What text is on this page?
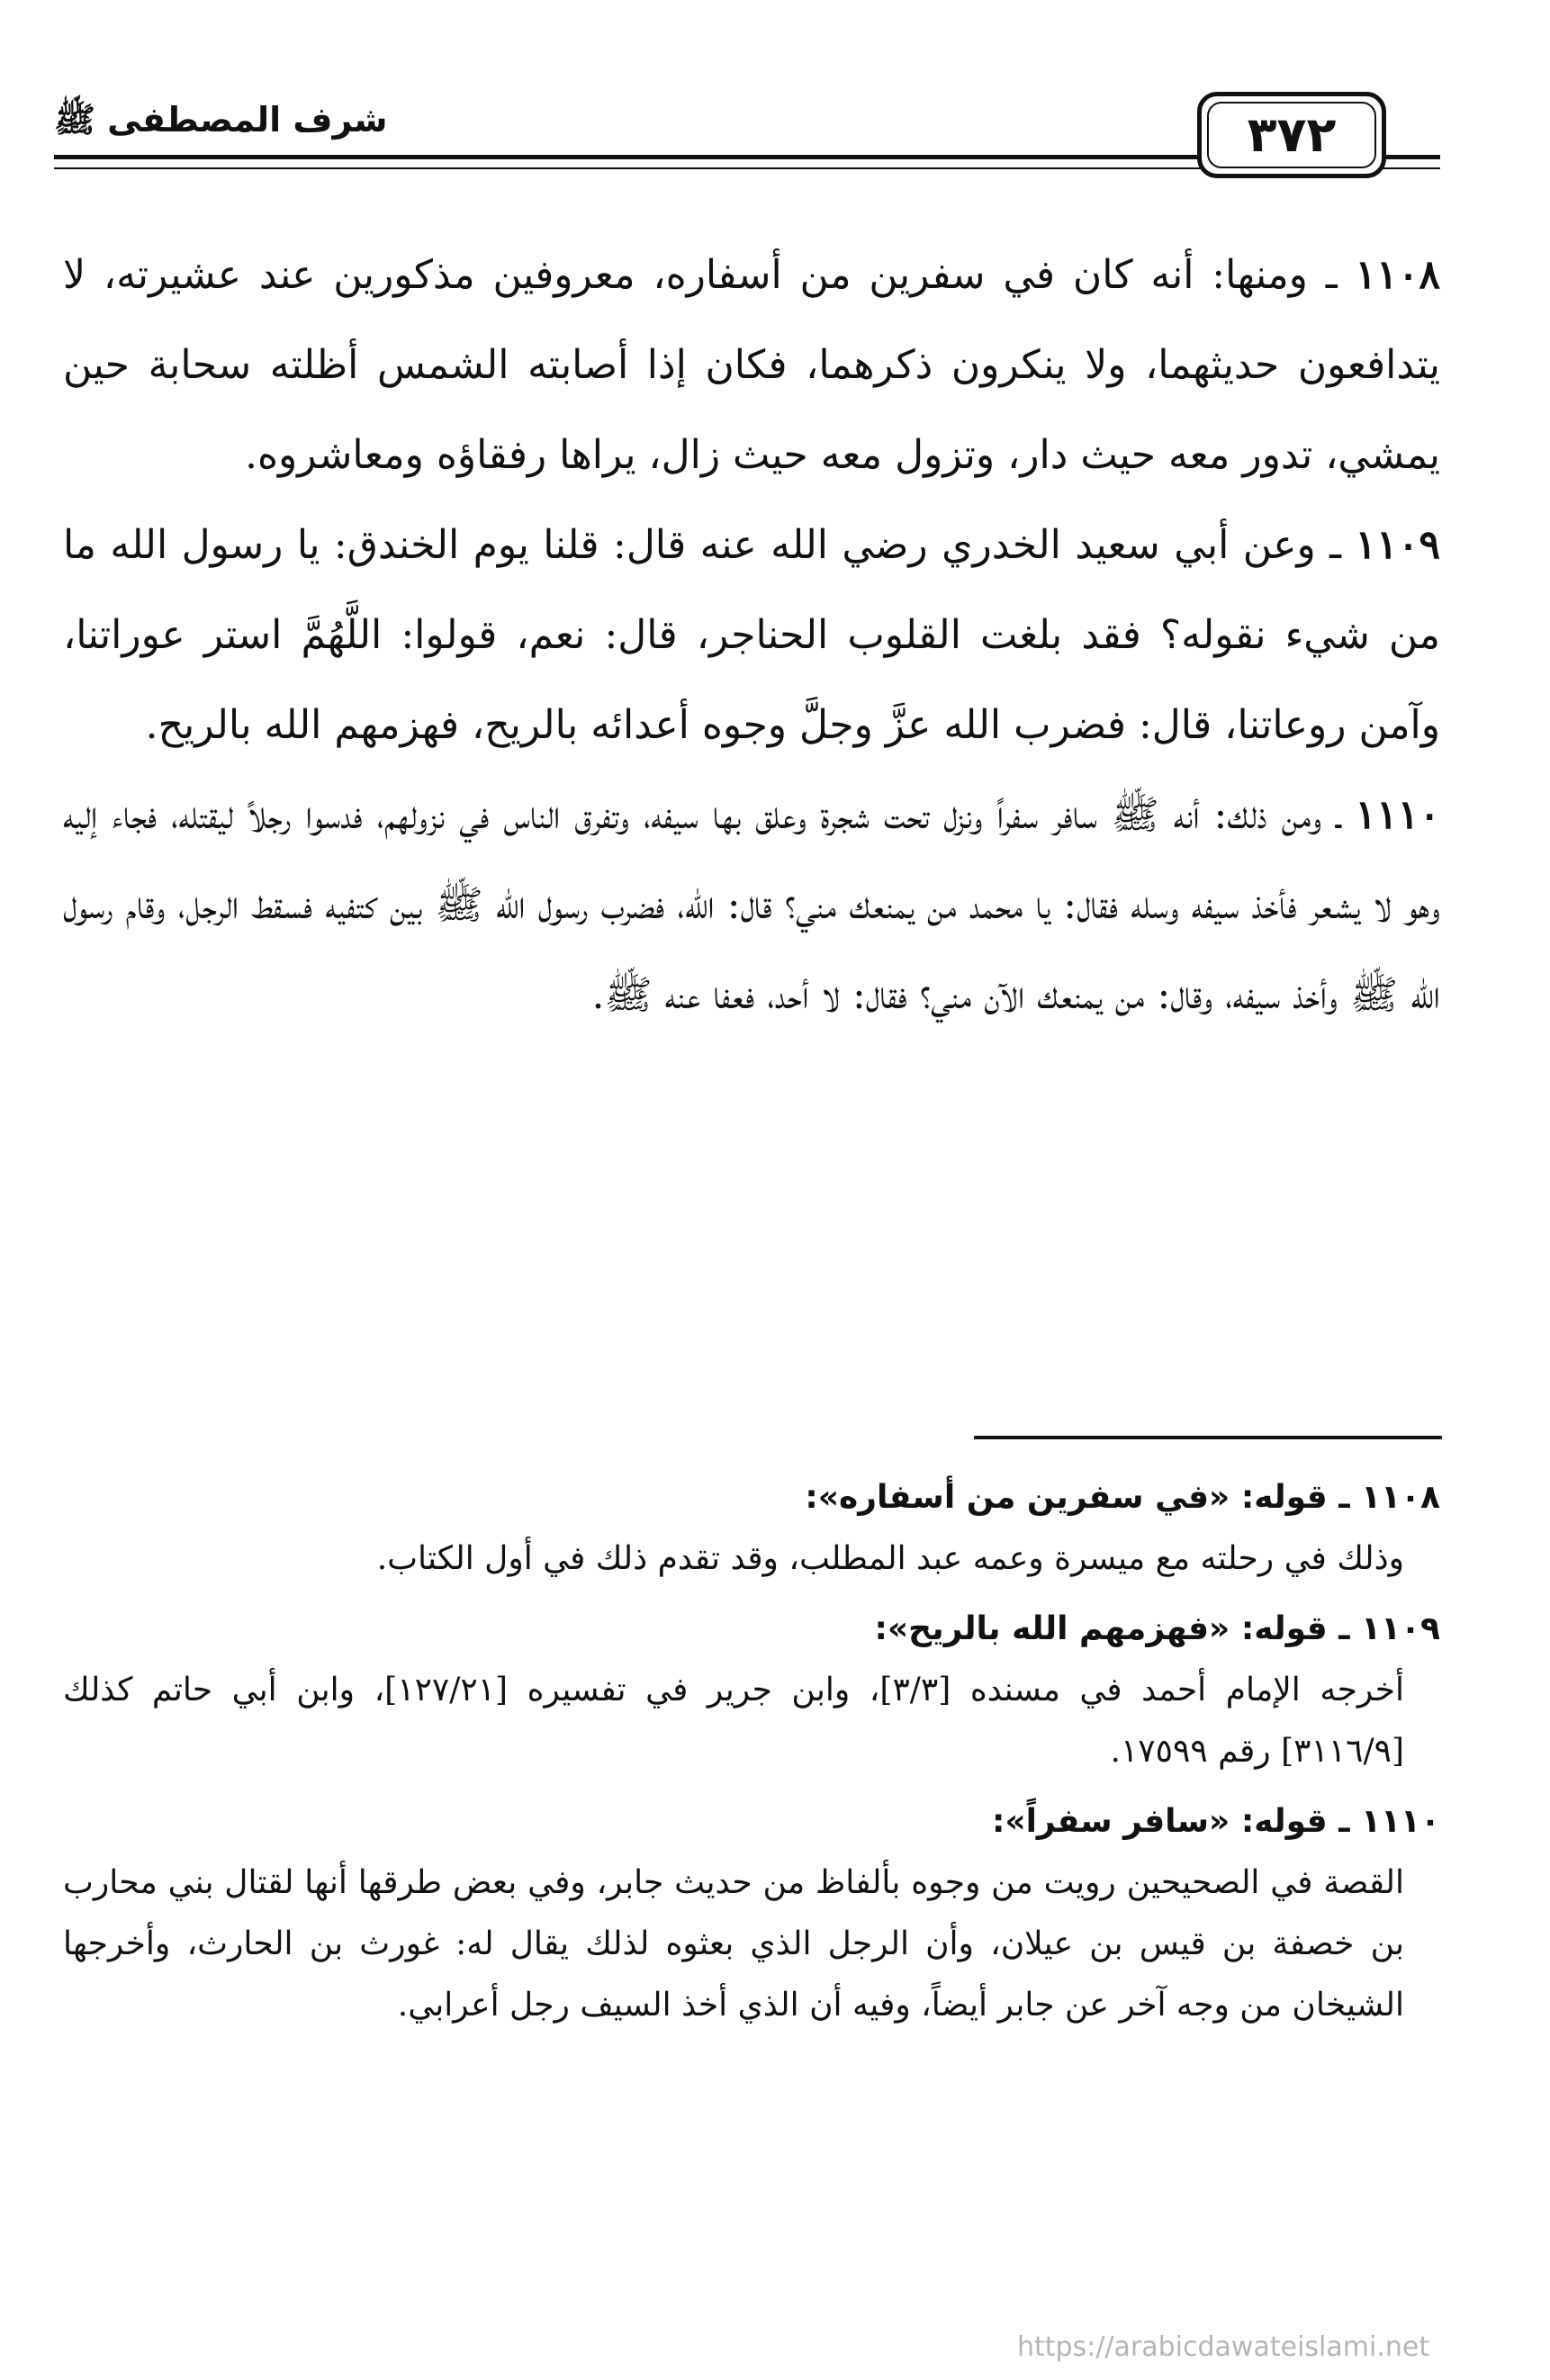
٣٧٢
شرف المصطفى ﷺ

١١٠٨ ـ ومنها: أنه كان في سفرين من أسفاره، معروفين مذكورين عند عشيرته، لا يتدافعون حديثهما، ولا ينكرون ذكرهما، فكان إذا أصابته الشمس أظلته سحابة حين يمشي، تدور معه حيث دار، وتزول معه حيث زال، يراها رفقاؤه ومعاشروه.

١١٠٩ ـ وعن أبي سعيد الخدري رضي الله عنه قال: قلنا يوم الخندق: يا رسول الله ما من شيء نقوله؟ فقد بلغت القلوب الحناجر، قال: نعم، قولوا: اللَّهُمَّ استر عوراتنا، وآمن روعاتنا، قال: فضرب الله عزَّ وجلَّ وجوه أعدائه بالريح، فهزمهم الله بالريح.

١١١٠ ـ ومن ذلك: أنه ﷺ سافر سفراً ونزل تحت شجرة وعلق بها سيفه، وتفرق الناس في نزولهم، فدسوا رجلاً ليقتله، فجاء إليه وهو لا يشعر فأخذ سيفه وسله فقال: يا محمد من يمنعك مني؟ قال: الله، فضرب رسول الله ﷺ بين كتفيه فسقط الرجل، وقام رسول الله ﷺ وأخذ سيفه، وقال: من يمنعك الآن مني؟ فقال: لا أحد، فعفا عنه ﷺ.

١١٠٨ ـ قوله: «في سفرين من أسفاره»:

وذلك في رحلته مع ميسرة وعمه عبد المطلب، وقد تقدم ذلك في أول الكتاب.

١١٠٩ ـ قوله: «فهزمهم الله بالريح»:

أخرجه الإمام أحمد في مسنده [٣/٣]، وابن جرير في تفسيره [١٢٧/٢١]، وابن أبي حاتم كذلك [٣١١٦/٩] رقم ١٧٥٩٩.

١١١٠ ـ قوله: «سافر سفراً»:

القصة في الصحيحين رويت من وجوه بألفاظ من حديث جابر، وفي بعض طرقها أنها لقتال بني محارب بن خصفة بن قيس بن عيلان، وأن الرجل الذي بعثوه لذلك يقال له: غورث بن الحارث، وأخرجها الشيخان من وجه آخر عن جابر أيضاً، وفيه أن الذي أخذ السيف رجل أعرابي.

https://arabicdawateislami.net
